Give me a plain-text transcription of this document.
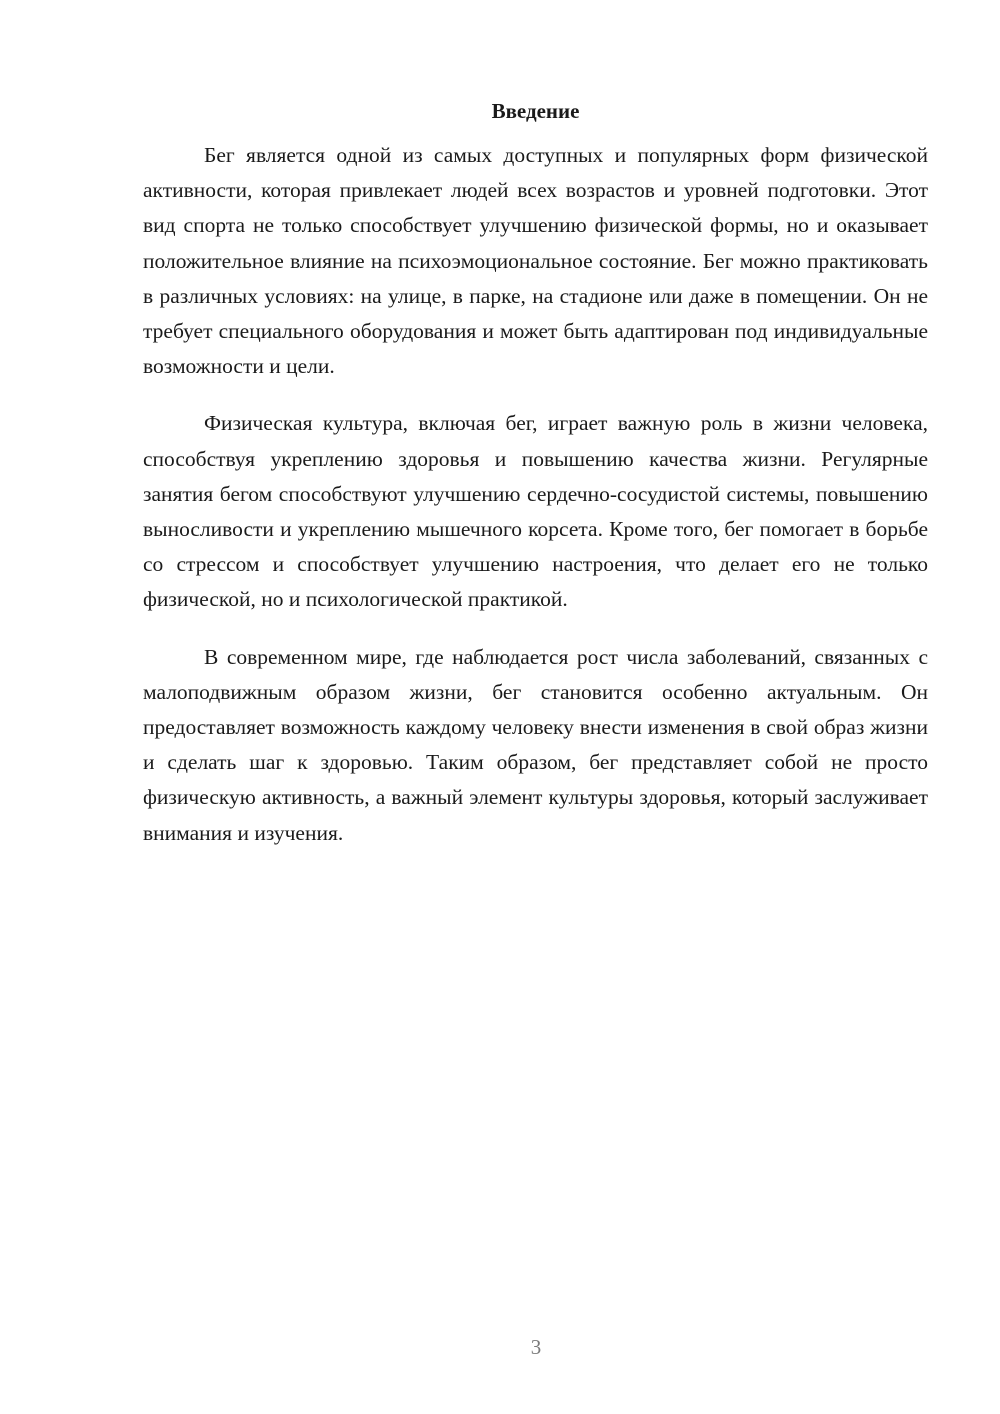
Введение

Бег является одной из самых доступных и популярных форм физической активности, которая привлекает людей всех возрастов и уровней подготовки. Этот вид спорта не только способствует улучшению физической формы, но и оказывает положительное влияние на психоэмоциональное состояние. Бег можно практиковать в различных условиях: на улице, в парке, на стадионе или даже в помещении. Он не требует специального оборудования и может быть адаптирован под индивидуальные возможности и цели.

Физическая культура, включая бег, играет важную роль в жизни человека, способствуя укреплению здоровья и повышению качества жизни. Регулярные занятия бегом способствуют улучшению сердечно-сосудистой системы, повышению выносливости и укреплению мышечного корсета. Кроме того, бег помогает в борьбе со стрессом и способствует улучшению настроения, что делает его не только физической, но и психологической практикой.

В современном мире, где наблюдается рост числа заболеваний, связанных с малоподвижным образом жизни, бег становится особенно актуальным. Он предоставляет возможность каждому человеку внести изменения в свой образ жизни и сделать шаг к здоровью. Таким образом, бег представляет собой не просто физическую активность, а важный элемент культуры здоровья, который заслуживает внимания и изучения.

3
